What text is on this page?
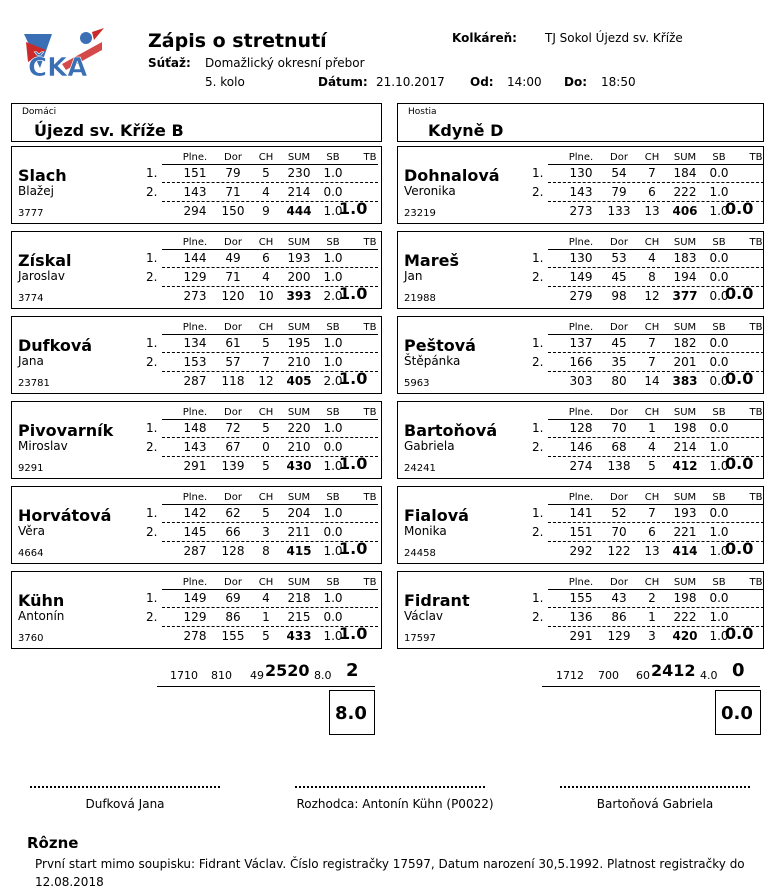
ČKA
Zápis o stretnutí	Kolkáreň: TJ Sokol Újezd sv. Kříže
Súťaž: Domažlický okresní přebor
5. kolo	Dátum: 21.10.2017 Od: 14:00 Do: 18:50
Domáci
Újezd sv. Kříže B
Hostia
Kdyně D
Slach
Blažej
3777
Plne.	Dor	CH	SUM	SB	TB
1.	151	79	5	230	1.0
2.	143	71	4	214	0.0
294	150	9	444 1.0
1.0
Získal
Jaroslav
3774
Plne.	Dor	CH	SUM	SB	TB
1.	144	49	6	193	1.0
2.	129	71	4	200	1.0
273	120	10	393 2.0
1.0
Dufková
Jana
23781
Plne.	Dor	CH	SUM	SB	TB
1.	134	61	5	195	1.0
2.	153	57	7	210	1.0
287	118	12	405 2.0
1.0
Pivovarník
Miroslav
9291
Plne.	Dor	CH	SUM	SB	TB
1.	148	72	5	220	1.0
2.	143	67	0	210	0.0
291	139	5	430 1.0
1.0
Horvátová
Věra
4664
Plne.	Dor	CH	SUM	SB	TB
1.	142	62	5	204	1.0
2.	145	66	3	211	0.0
287	128	8	415 1.0
1.0
Kühn
Antonín
3760
Plne.	Dor	CH	SUM	SB	TB
1.	149	69	4	218	1.0
2.	129	86	1	215	0.0
278	155	5	433 1.0
1.0
Dohnalová
Veronika
23219
Plne.	Dor	CH	SUM	SB	TB
1.	130	54	7	184	0.0
2.	143	79	6	222	1.0
273	133	13	406 1.0
0.0
Mareš
Jan
21988
Plne.	Dor	CH	SUM	SB	TB
1.	130	53	4	183	0.0
2.	149	45	8	194	0.0
279	98	12	377 0.0
0.0
Peštová
Štěpánka
5963
Plne.	Dor	CH	SUM	SB	TB
1.	137	45	7	182	0.0
2.	166	35	7	201	0.0
303	80	14	383 0.0
0.0
Bartoňová
Gabriela
24241
Plne.	Dor	CH	SUM	SB	TB
1.	128	70	1	198	0.0
2.	146	68	4	214	1.0
274	138	5	412 1.0
0.0
Fialová
Monika
24458
Plne.	Dor	CH	SUM	SB	TB
1.	141	52	7	193	0.0
2.	151	70	6	221	1.0
292	122	13	414 1.0
0.0
Fidrant
Václav
17597
Plne.	Dor	CH	SUM	SB	TB
1.	155	43	2	198	0.0
2.	136	86	1	222	1.0
291	129	3	420 1.0
0.0
1710 810 49 2520 8.0 2
8.0
1712 700 60 2412 4.0 0
0.0
Dufková Jana	Rozhodca: Antonín Kühn (P0022)	Bartoňová Gabriela
Rôzne
První start mimo soupisku: Fidrant Václav. Číslo registračky 17597, Datum narození 30,5.1992. Platnost registračky do 12.08.2018
